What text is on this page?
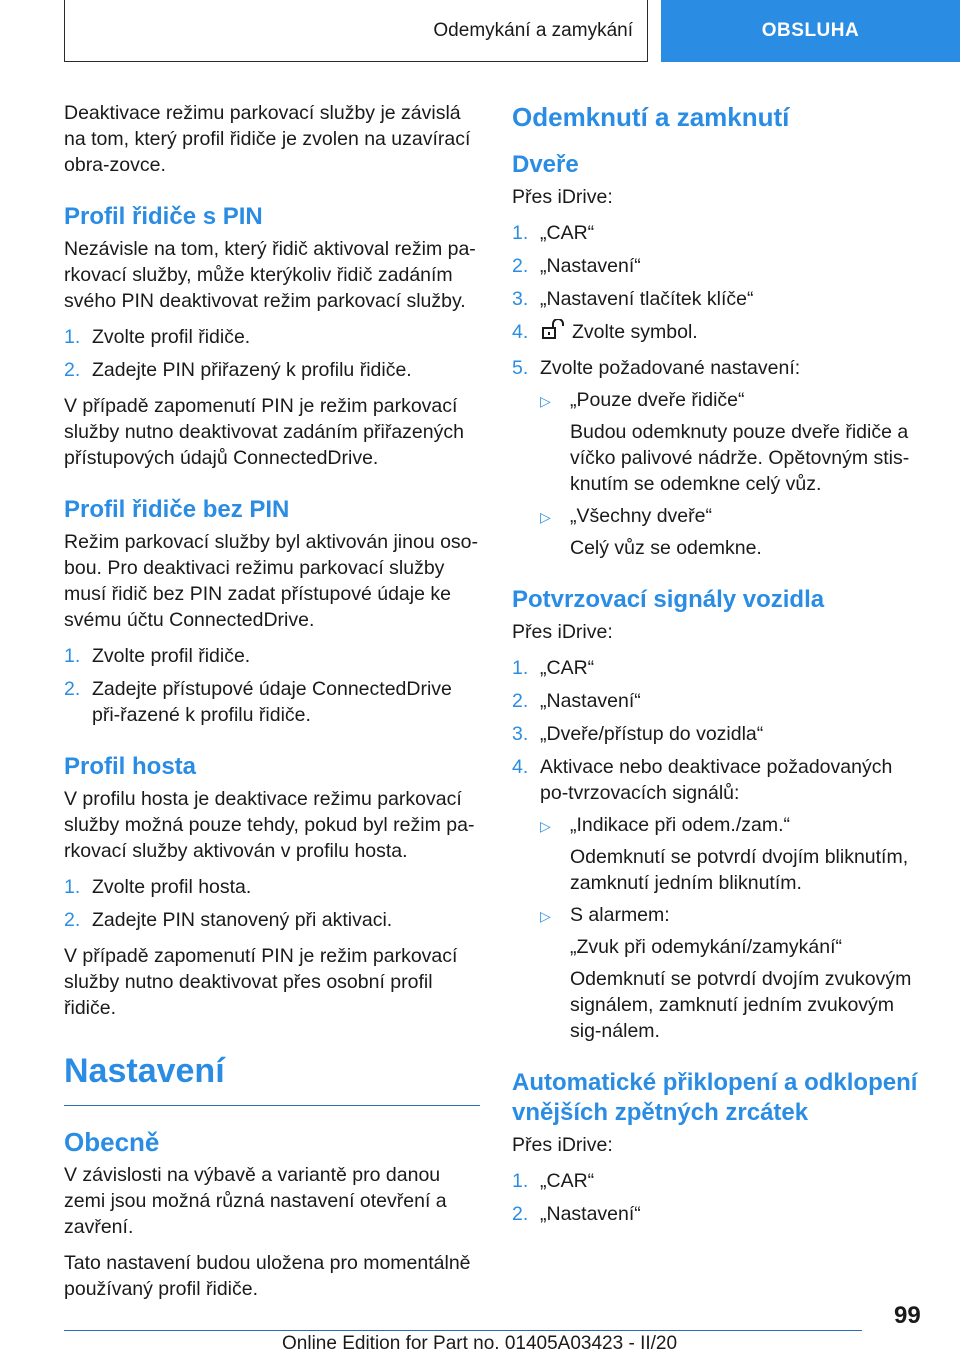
Odemykání a zamykání	OBSLUHA

Deaktivace režimu parkovací služby je závislá na tom, který profil řidiče je zvolen na uzavírací obra-zovce.

Profil řidiče s PIN

Nezávisle na tom, který řidič aktivoval režim pa-rkovací služby, může kterýkoliv řidič zadáním svého PIN deaktivovat režim parkovací služby.

1. Zvolte profil řidiče.
2. Zadejte PIN přiřazený k profilu řidiče.

V případě zapomenutí PIN je režim parkovací služby nutno deaktivovat zadáním přiřazených přístupových údajů ConnectedDrive.

Profil řidiče bez PIN

Režim parkovací služby byl aktivován jinou oso-bou. Pro deaktivaci režimu parkovací služby musí řidič bez PIN zadat přístupové údaje ke svému účtu ConnectedDrive.

1. Zvolte profil řidiče.
2. Zadejte přístupové údaje ConnectedDrive při-řazené k profilu řidiče.
Profil hosta

V profilu hosta je deaktivace režimu parkovací služby možná pouze tehdy, pokud byl režim pa-rkovací služby aktivován v profilu hosta.

1. Zvolte profil hosta.
2. Zadejte PIN stanovený při aktivaci.

V případě zapomenutí PIN je režim parkovací služby nutno deaktivovat přes osobní profil řidiče.

Nastavení
Obecně

V závislosti na výbavě a variantě pro danou zemi jsou možná různá nastavení otevření a zavření.

Tato nastavení budou uložena pro momentálně používaný profil řidiče.

Odemknutí a zamknutí
Dveře

Přes iDrive:

1. „CAR“
2. „Nastavení“
3. „Nastavení tlačítek klíče“
4. Zvolte symbol.
5. Zvolte požadované nastavení:
▷ „Pouze dveře řidiče“

Budou odemknuty pouze dveře řidiče a víčko palivové nádrže. Opětovným stis-knutím se odemkne celý vůz.

▷ „Všechny dveře“

Celý vůz se odemkne.

Potvrzovací signály vozidla

Přes iDrive:

1. „CAR“
2. „Nastavení“
3. „Dveře/přístup do vozidla“
4. Aktivace nebo deaktivace požadovaných po-tvrzovacích signálů:
▷ „Indikace při odem./zam.“

Odemknutí se potvrdí dvojím bliknutím, zamknutí jedním bliknutím.

▷ S alarmem:

„Zvuk při odemykání/zamykání“

Odemknutí se potvrdí dvojím zvukovým signálem, zamknutí jedním zvukovým sig-nálem.

Automatické přiklopení a odklopení vnějších zpětných zrcátek

Přes iDrive:

1. „CAR“
2. „Nastavení“
99
Online Edition for Part no. 01405A03423 - II/20
